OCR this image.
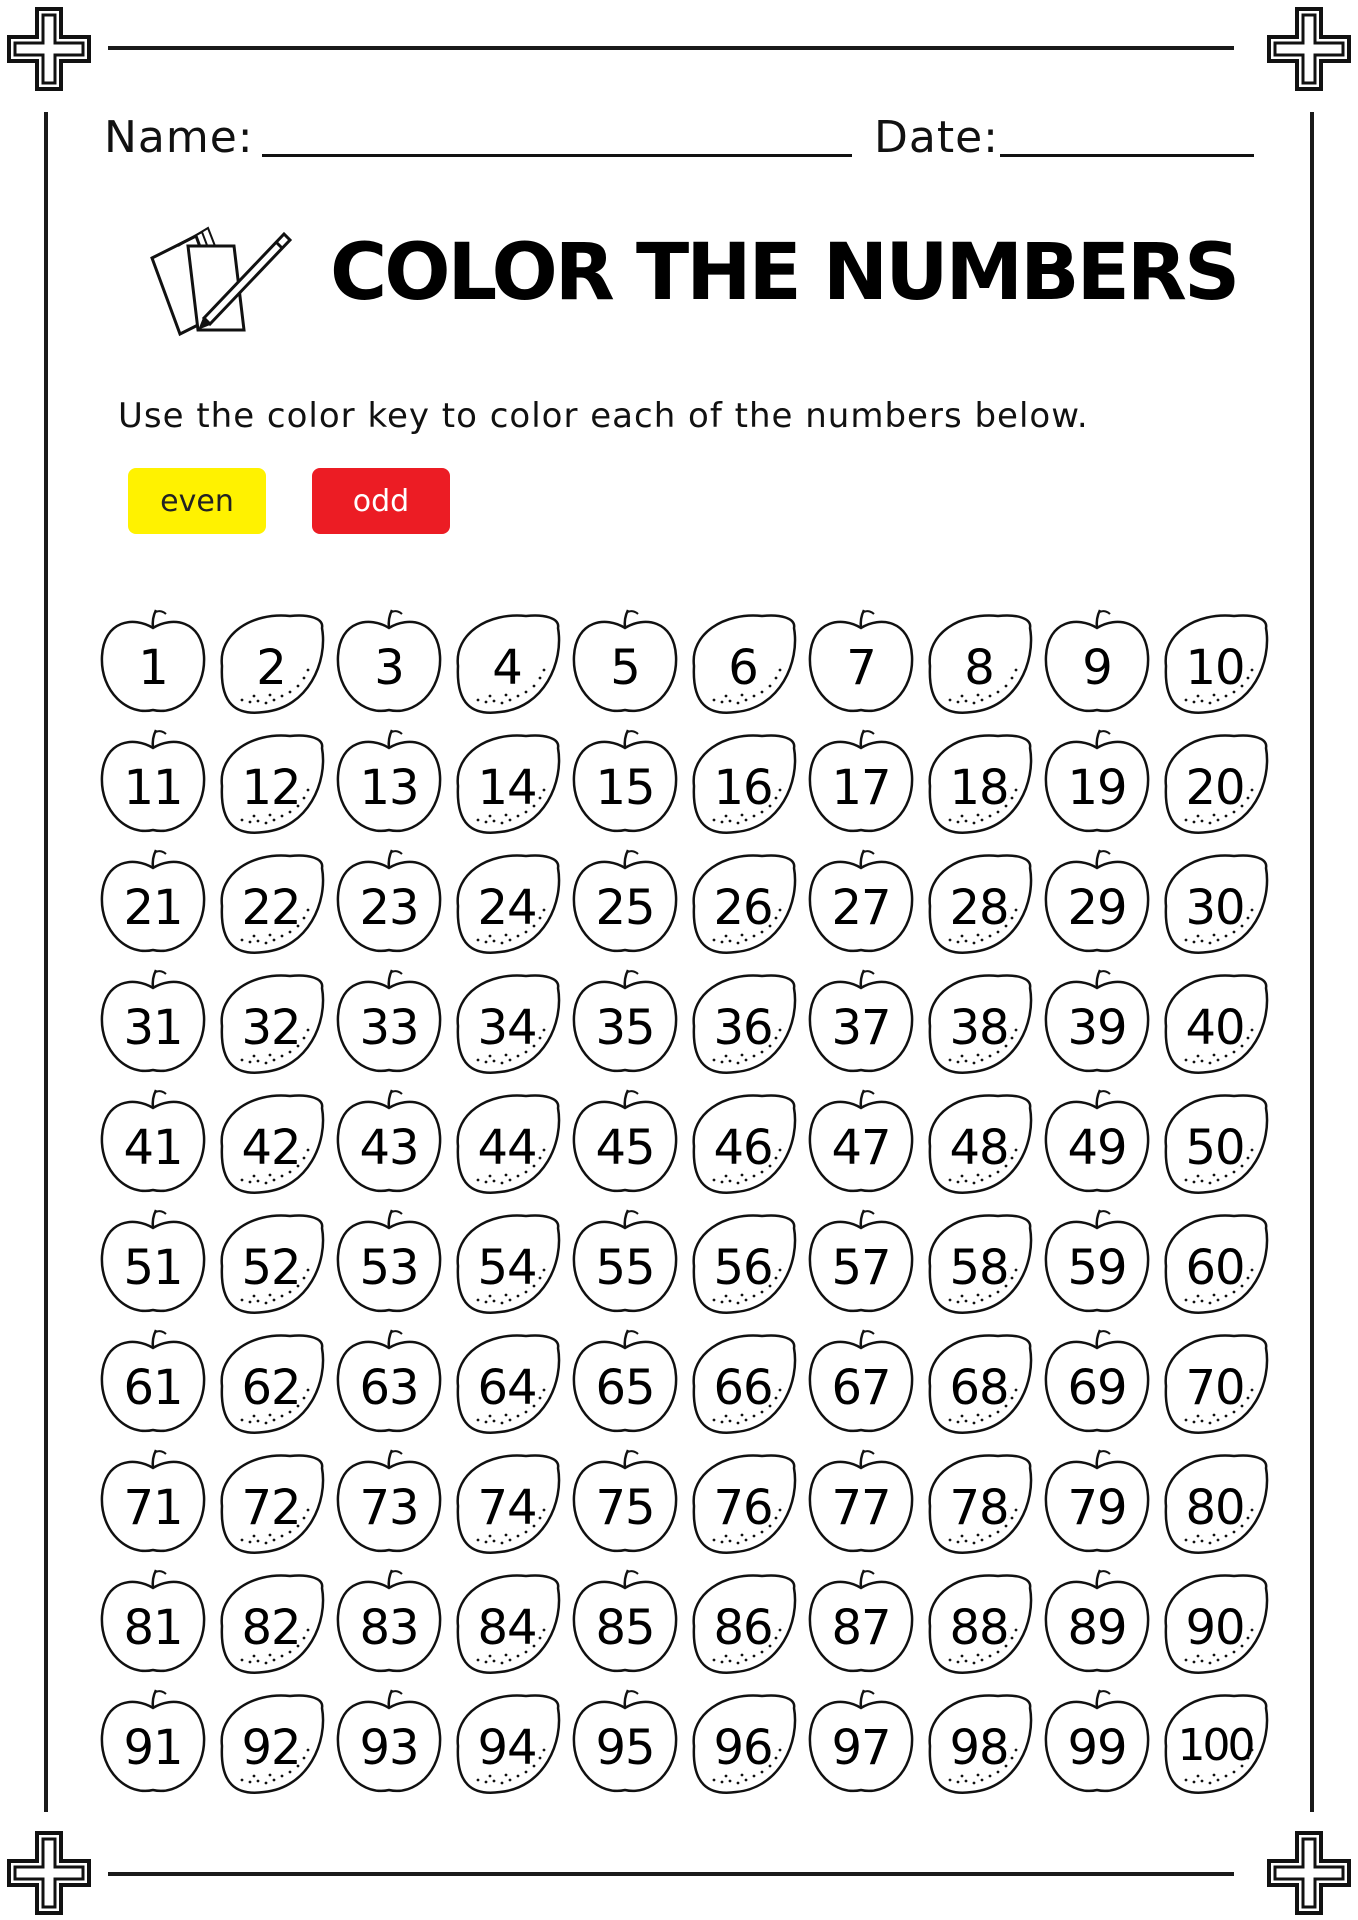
Name:	Date:
COLOR THE NUMBERS
Use the color key to color each of the numbers below.
even	odd
1	2	3	4	5	6	7	8	9	10
11	12	13	14	15	16	17	18	19	20
21	22	23	24	25	26	27	28	29	30
31	32	33	34	35	36	37	38	39	40
41	42	43	44	45	46	47	48	49	50
51	52	53	54	55	56	57	58	59	60
61	62	63	64	65	66	67	68	69	70
71	72	73	74	75	76	77	78	79	80
81	82	83	84	85	86	87	88	89	90
91	92	93	94	95	96	97	98	99	100
